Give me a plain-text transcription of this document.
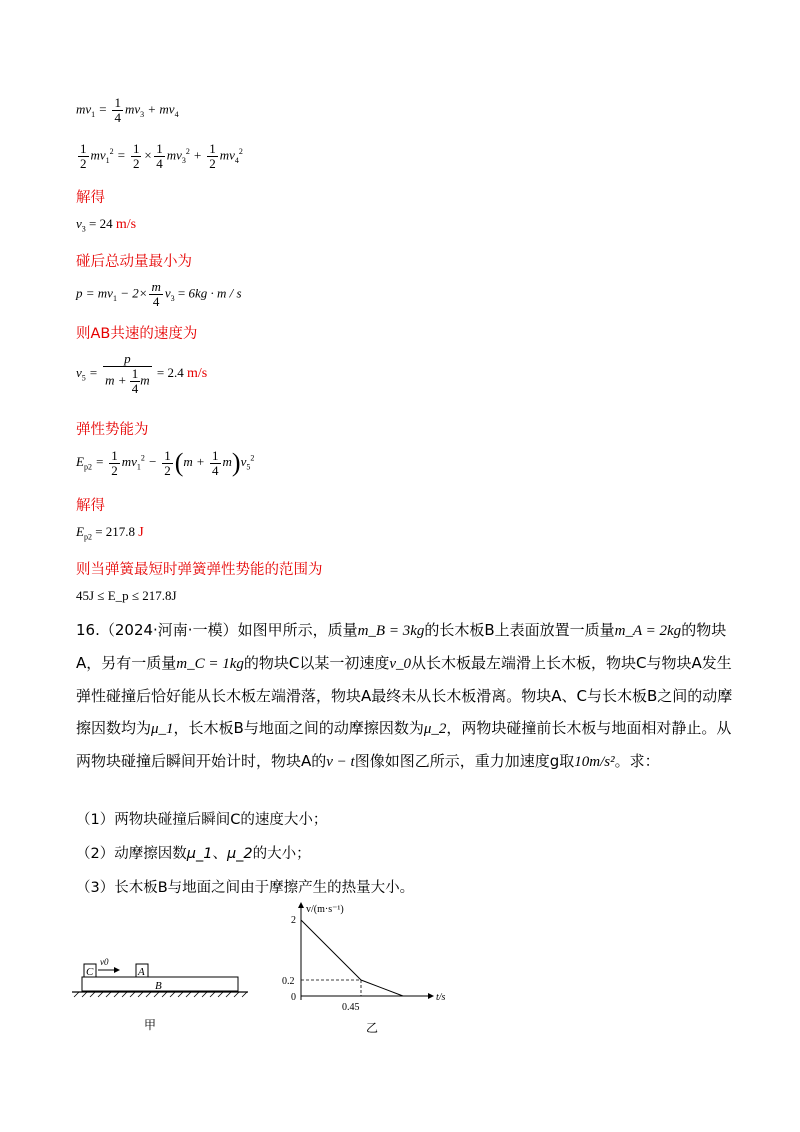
$mv_1 = \frac{1}{4} mv_3 + mv_4$
$\frac{1}{2} mv_1^2 = \frac{1}{2} \times \frac{1}{4} mv_3^2 + \frac{1}{2} mv_4^2$
解得
$v_3 = 24$ m/s
碰后总动量最小为
$p = mv_1 - 2\times \frac{m}{4} v_3 = 6kg \cdot m / s$
则AB共速的速度为
$v_5 = \frac{p}{m + \frac{1}{4} m} = 2.4$ m/s
弹性势能为
$E_{p2} = \frac{1}{2} mv_1^2 - \frac{1}{2} (m + \frac{1}{4} m)v_5^2$
解得
$E_{p2} = 217.8$ J
则当弹簧最短时弹簧弹性势能的范围为
45J ≤ E_p ≤ 217.8J
16.（2024·河南·一模）如图甲所示，质量m_B = 3kg的长木板B上表面放置一质量m_A = 2kg的物块A，另有一质量m_C = 1kg的物块C以某一初速度v_0从长木板最左端滑上长木板，物块C与物块A发生弹性碰撞后恰好能从长木板左端滑落，物块A最终未从长木板滑离。物块A、C与长木板B之间的动摩擦因数均为μ_1，长木板B与地面之间的动摩擦因数为μ_2，两物块碰撞前长木板与地面相对静止。从两物块碰撞后瞬间开始计时，物块A的v − t图像如图乙所示，重力加速度g取10m/s²。求：
（1）两物块碰撞后瞬间C的速度大小；
（2）动摩擦因数μ_1、μ_2的大小；
（3）长木板B与地面之间由于摩擦产生的热量大小。
C	A
v0
B
甲
v/(m·s⁻¹)
t/s
2
0.2
0
0.45
乙
